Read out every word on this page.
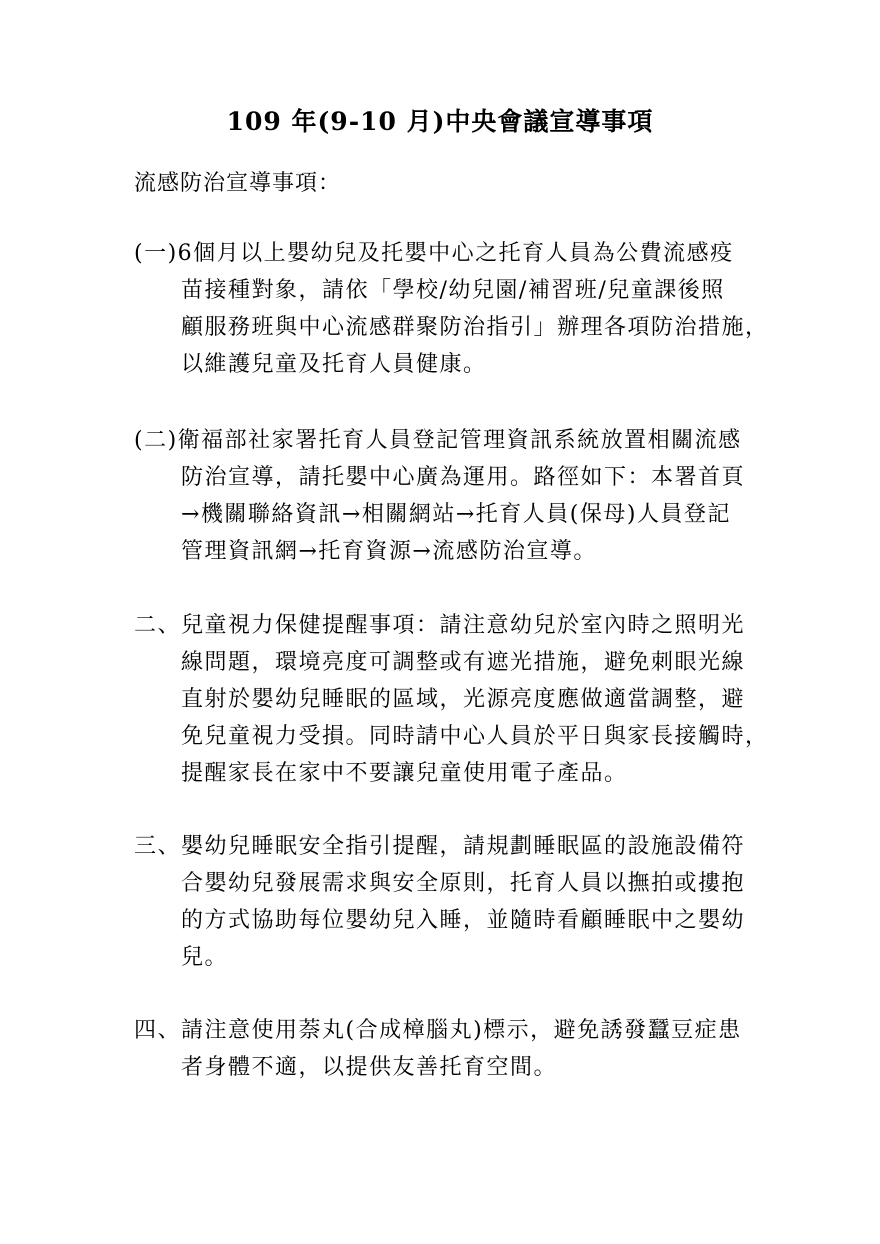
109 年(9-10 月)中央會議宣導事項
流感防治宣導事項：
(一)6個月以上嬰幼兒及托嬰中心之托育人員為公費流感疫
苗接種對象，請依「學校/幼兒園/補習班/兒童課後照
顧服務班與中心流感群聚防治指引」辦理各項防治措施，
以維護兒童及托育人員健康。
(二)衛福部社家署托育人員登記管理資訊系統放置相關流感
防治宣導，請托嬰中心廣為運用。路徑如下：本署首頁
→機關聯絡資訊→相關網站→托育人員(保母)人員登記
管理資訊網→托育資源→流感防治宣導。
二、兒童視力保健提醒事項：請注意幼兒於室內時之照明光
線問題，環境亮度可調整或有遮光措施，避免刺眼光線
直射於嬰幼兒睡眠的區域，光源亮度應做適當調整，避
免兒童視力受損。同時請中心人員於平日與家長接觸時，
提醒家長在家中不要讓兒童使用電子產品。
三、嬰幼兒睡眠安全指引提醒，請規劃睡眠區的設施設備符
合嬰幼兒發展需求與安全原則，托育人員以撫拍或摟抱
的方式協助每位嬰幼兒入睡，並隨時看顧睡眠中之嬰幼
兒。
四、請注意使用萘丸(合成樟腦丸)標示，避免誘發蠶豆症患
者身體不適，以提供友善托育空間。
